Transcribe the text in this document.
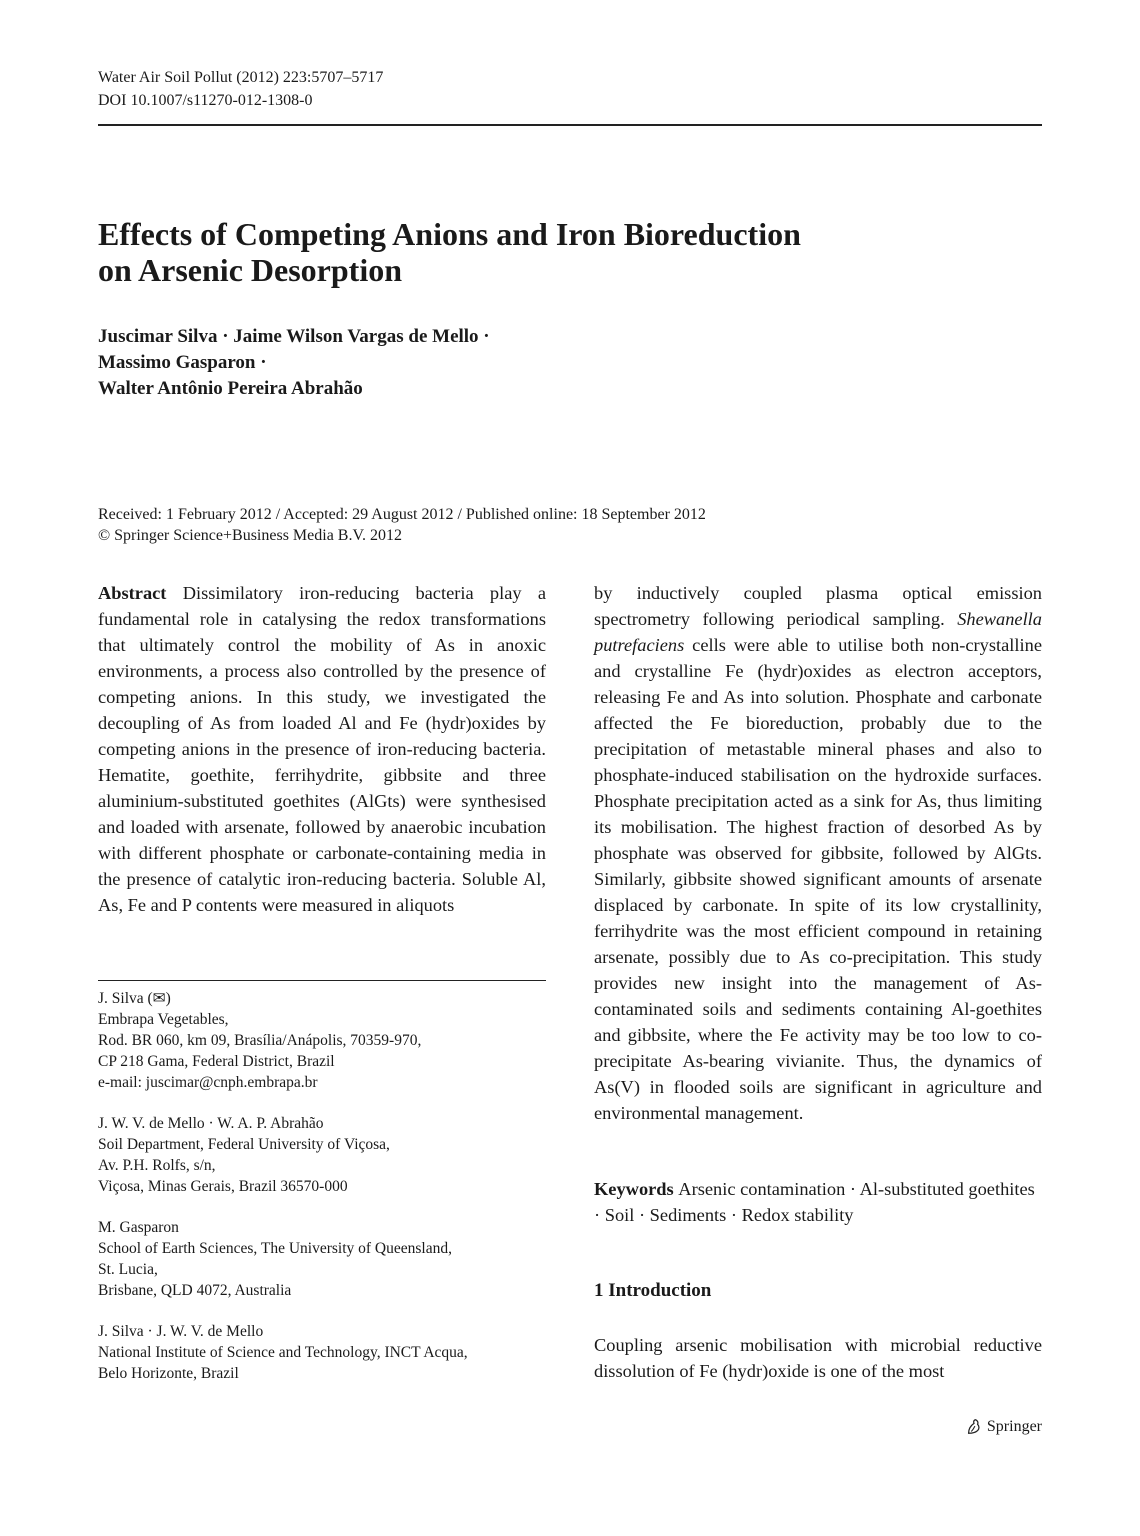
Water Air Soil Pollut (2012) 223:5707–5717
DOI 10.1007/s11270-012-1308-0
Effects of Competing Anions and Iron Bioreduction
on Arsenic Desorption
Juscimar Silva · Jaime Wilson Vargas de Mello ·
Massimo Gasparon ·
Walter Antônio Pereira Abrahão
Received: 1 February 2012 / Accepted: 29 August 2012 / Published online: 18 September 2012
© Springer Science+Business Media B.V. 2012

Abstract Dissimilatory iron-reducing bacteria play a fundamental role in catalysing the redox transformations that ultimately control the mobility of As in anoxic environments, a process also controlled by the presence of competing anions. In this study, we investigated the decoupling of As from loaded Al and Fe (hydr)oxides by competing anions in the presence of iron-reducing bacteria. Hematite, goethite, ferrihydrite, gibbsite and three aluminium-substituted goethites (AlGts) were synthesised and loaded with arsenate, followed by anaerobic incubation with different phosphate or carbonate-containing media in the presence of catalytic iron-reducing bacteria. Soluble Al, As, Fe and P contents were measured in aliquots

J. Silva (✉)
Embrapa Vegetables,
Rod. BR 060, km 09, Brasília/Anápolis, 70359-970,
CP 218 Gama, Federal District, Brazil
e-mail: juscimar@cnph.embrapa.br
J. W. V. de Mello · W. A. P. Abrahão
Soil Department, Federal University of Viçosa,
Av. P.H. Rolfs, s/n,
Viçosa, Minas Gerais, Brazil 36570-000
M. Gasparon
School of Earth Sciences, The University of Queensland,
St. Lucia,
Brisbane, QLD 4072, Australia
J. Silva · J. W. V. de Mello
National Institute of Science and Technology, INCT Acqua,
Belo Horizonte, Brazil

by inductively coupled plasma optical emission spectrometry following periodical sampling. Shewanella putrefaciens cells were able to utilise both non-crystalline and crystalline Fe (hydr)oxides as electron acceptors, releasing Fe and As into solution. Phosphate and carbonate affected the Fe bioreduction, probably due to the precipitation of metastable mineral phases and also to phosphate-induced stabilisation on the hydroxide surfaces. Phosphate precipitation acted as a sink for As, thus limiting its mobilisation. The highest fraction of desorbed As by phosphate was observed for gibbsite, followed by AlGts. Similarly, gibbsite showed significant amounts of arsenate displaced by carbonate. In spite of its low crystallinity, ferrihydrite was the most efficient compound in retaining arsenate, possibly due to As co-precipitation. This study provides new insight into the management of As-contaminated soils and sediments containing Al-goethites and gibbsite, where the Fe activity may be too low to co-precipitate As-bearing vivianite. Thus, the dynamics of As(V) in flooded soils are significant in agriculture and environmental management.

Keywords Arsenic contamination · Al-substituted goethites · Soil · Sediments · Redox stability
1 Introduction
Coupling arsenic mobilisation with microbial reductive dissolution of Fe (hydr)oxide is one of the most
Springer
